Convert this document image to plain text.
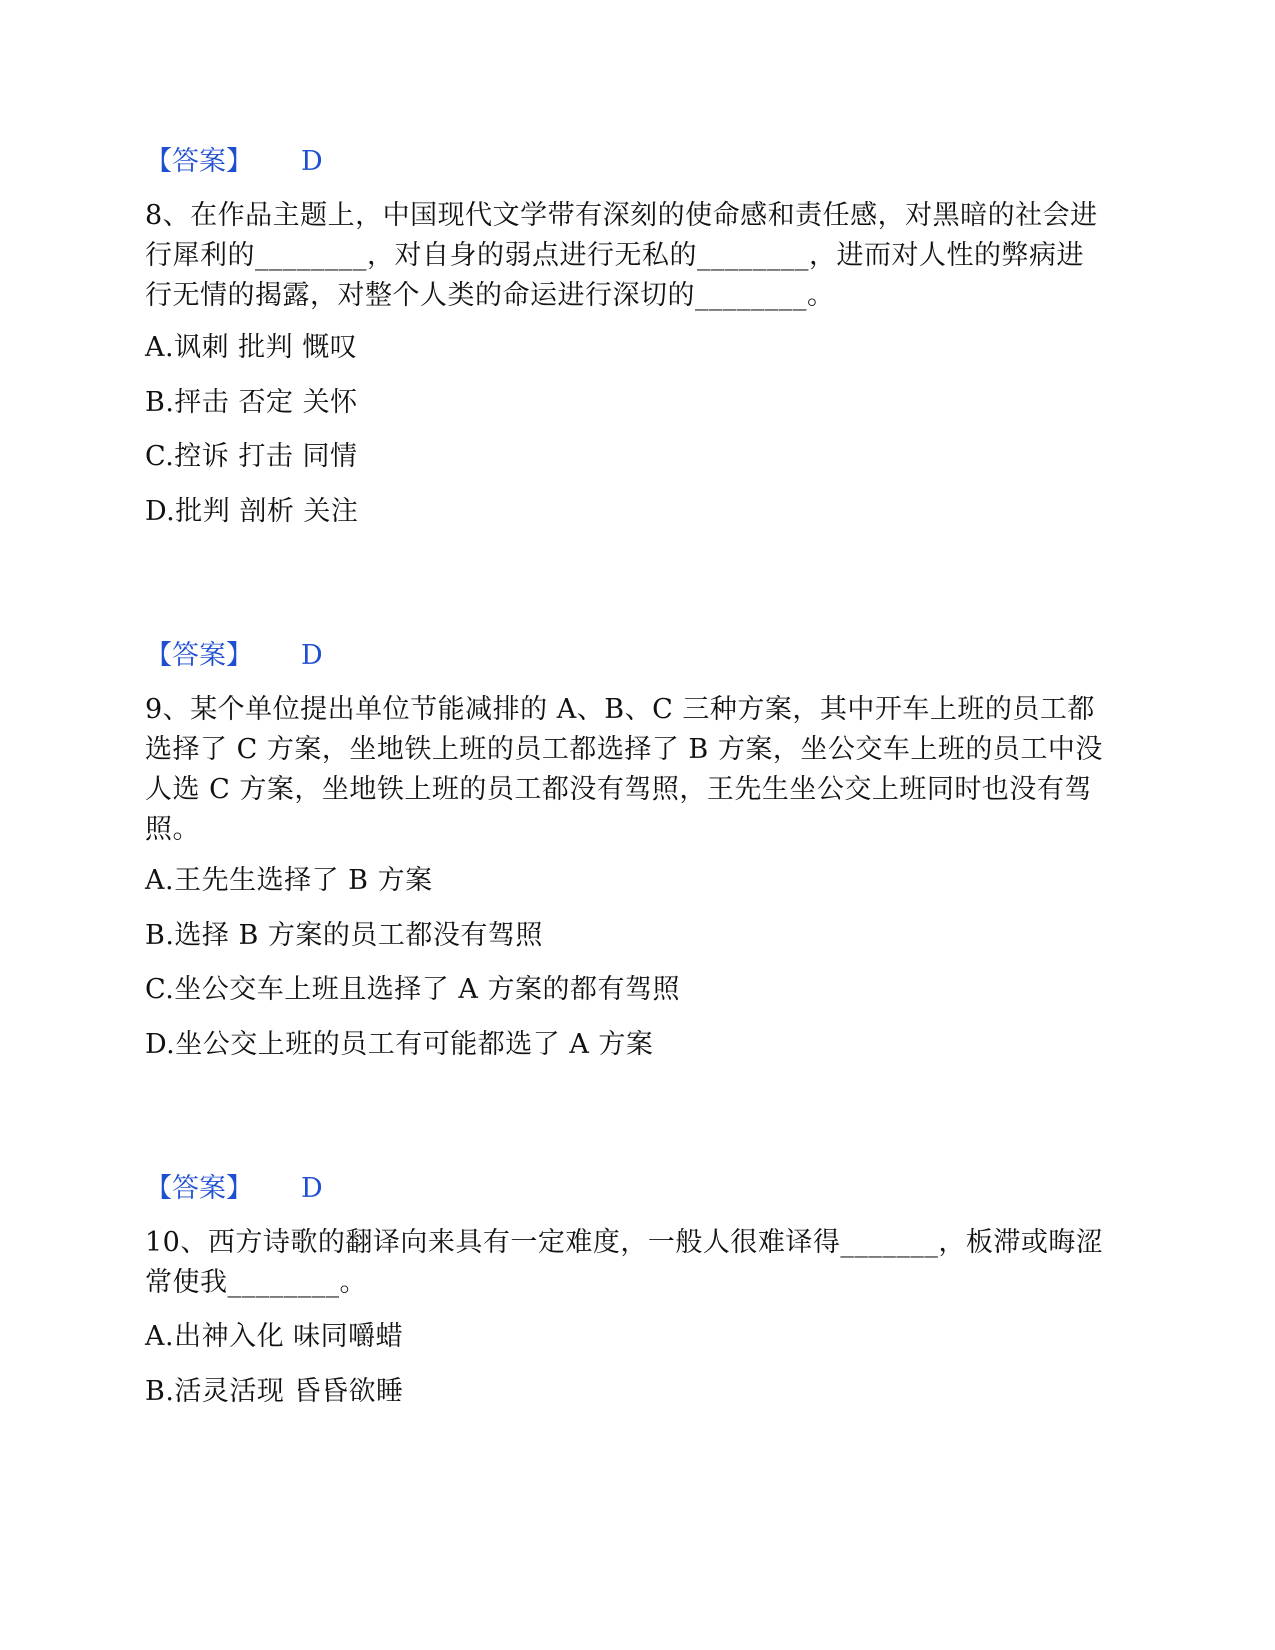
【答案】 D
8、在作品主题上，中国现代文学带有深刻的使命感和责任感，对黑暗的社会进行犀利的________，对自身的弱点进行无私的________，进而对人性的弊病进行无情的揭露，对整个人类的命运进行深切的________。
A.讽刺 批判 慨叹
B.抨击 否定 关怀
C.控诉 打击 同情
D.批判 剖析 关注
【答案】 D
9、某个单位提出单位节能减排的 A、B、C 三种方案，其中开车上班的员工都选择了 C 方案，坐地铁上班的员工都选择了 B 方案，坐公交车上班的员工中没人选 C 方案，坐地铁上班的员工都没有驾照，王先生坐公交上班同时也没有驾照。
A.王先生选择了 B 方案
B.选择 B 方案的员工都没有驾照
C.坐公交车上班且选择了 A 方案的都有驾照
D.坐公交上班的员工有可能都选了 A 方案
【答案】 D
10、西方诗歌的翻译向来具有一定难度，一般人很难译得_______，板滞或晦涩常使我________。
A.出神入化 味同嚼蜡
B.活灵活现 昏昏欲睡
